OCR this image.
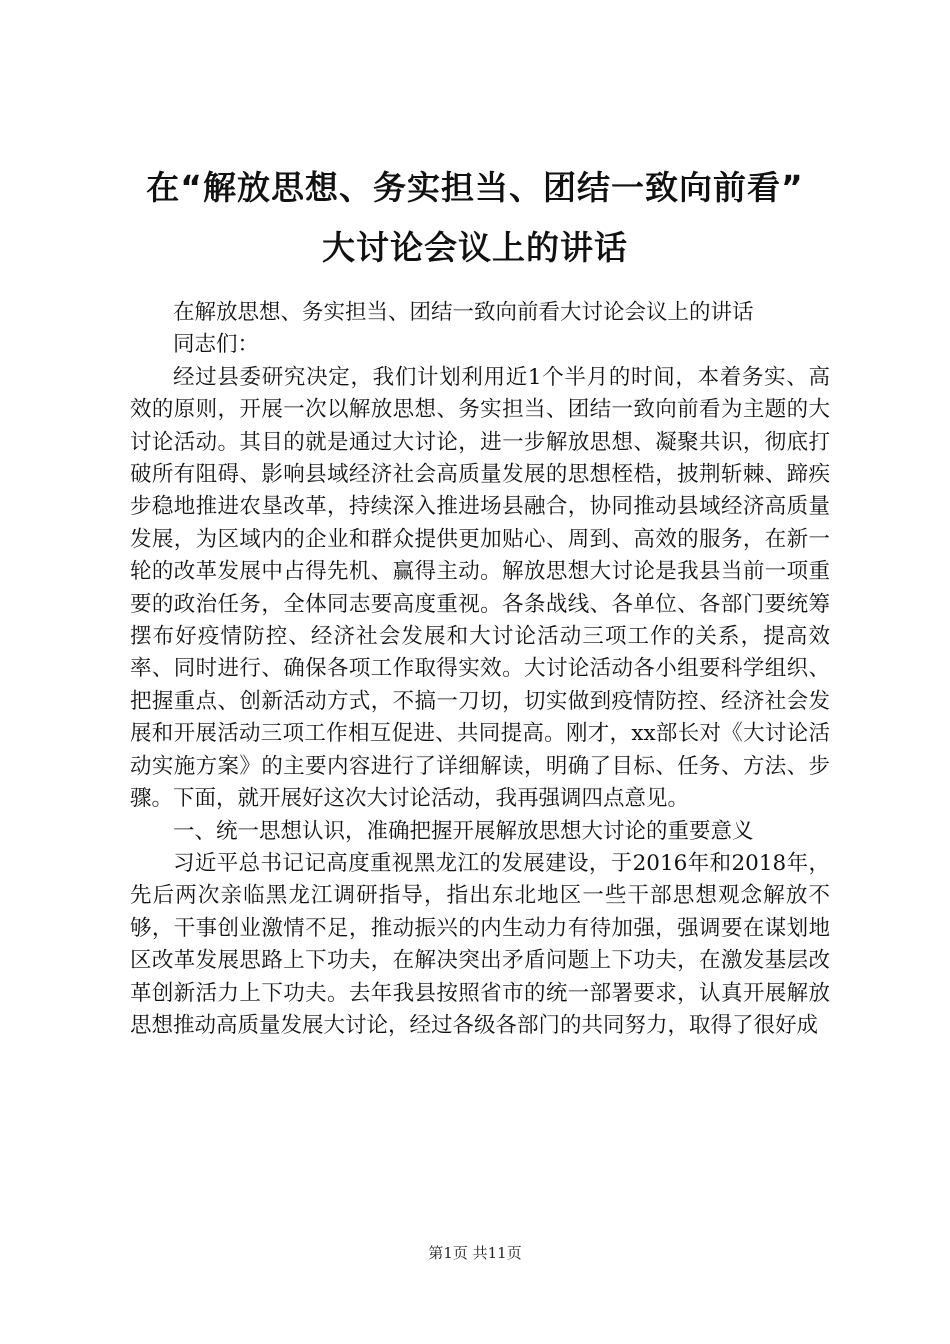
在“解放思想、务实担当、团结一致向前看”
大讨论会议上的讲话

在解放思想、务实担当、团结一致向前看大讨论会议上的讲话

同志们：

经过县委研究决定，我们计划利用近1个半月的时间，本着务实、高效的原则，开展一次以解放思想、务实担当、团结一致向前看为主题的大讨论活动。其目的就是通过大讨论，进一步解放思想、凝聚共识，彻底打破所有阻碍、影响县域经济社会高质量发展的思想桎梏，披荆斩棘、蹄疾步稳地推进农垦改革，持续深入推进场县融合，协同推动县域经济高质量发展，为区域内的企业和群众提供更加贴心、周到、高效的服务，在新一轮的改革发展中占得先机、赢得主动。解放思想大讨论是我县当前一项重要的政治任务，全体同志要高度重视。各条战线、各单位、各部门要统筹摆布好疫情防控、经济社会发展和大讨论活动三项工作的关系，提高效率、同时进行、确保各项工作取得实效。大讨论活动各小组要科学组织、把握重点、创新活动方式，不搞一刀切，切实做到疫情防控、经济社会发展和开展活动三项工作相互促进、共同提高。刚才，xx部长对《大讨论活动实施方案》的主要内容进行了详细解读，明确了目标、任务、方法、步骤。下面，就开展好这次大讨论活动，我再强调四点意见。

一、统一思想认识，准确把握开展解放思想大讨论的重要意义

习近平总书记记高度重视黑龙江的发展建设，于2016年和2018年，先后两次亲临黑龙江调研指导，指出东北地区一些干部思想观念解放不够，干事创业激情不足，推动振兴的内生动力有待加强，强调要在谋划地区改革发展思路上下功夫，在解决突出矛盾问题上下功夫，在激发基层改革创新活力上下功夫。去年我县按照省市的统一部署要求，认真开展解放思想推动高质量发展大讨论，经过各级各部门的共同努力，取得了很好成

第1页 共11页
